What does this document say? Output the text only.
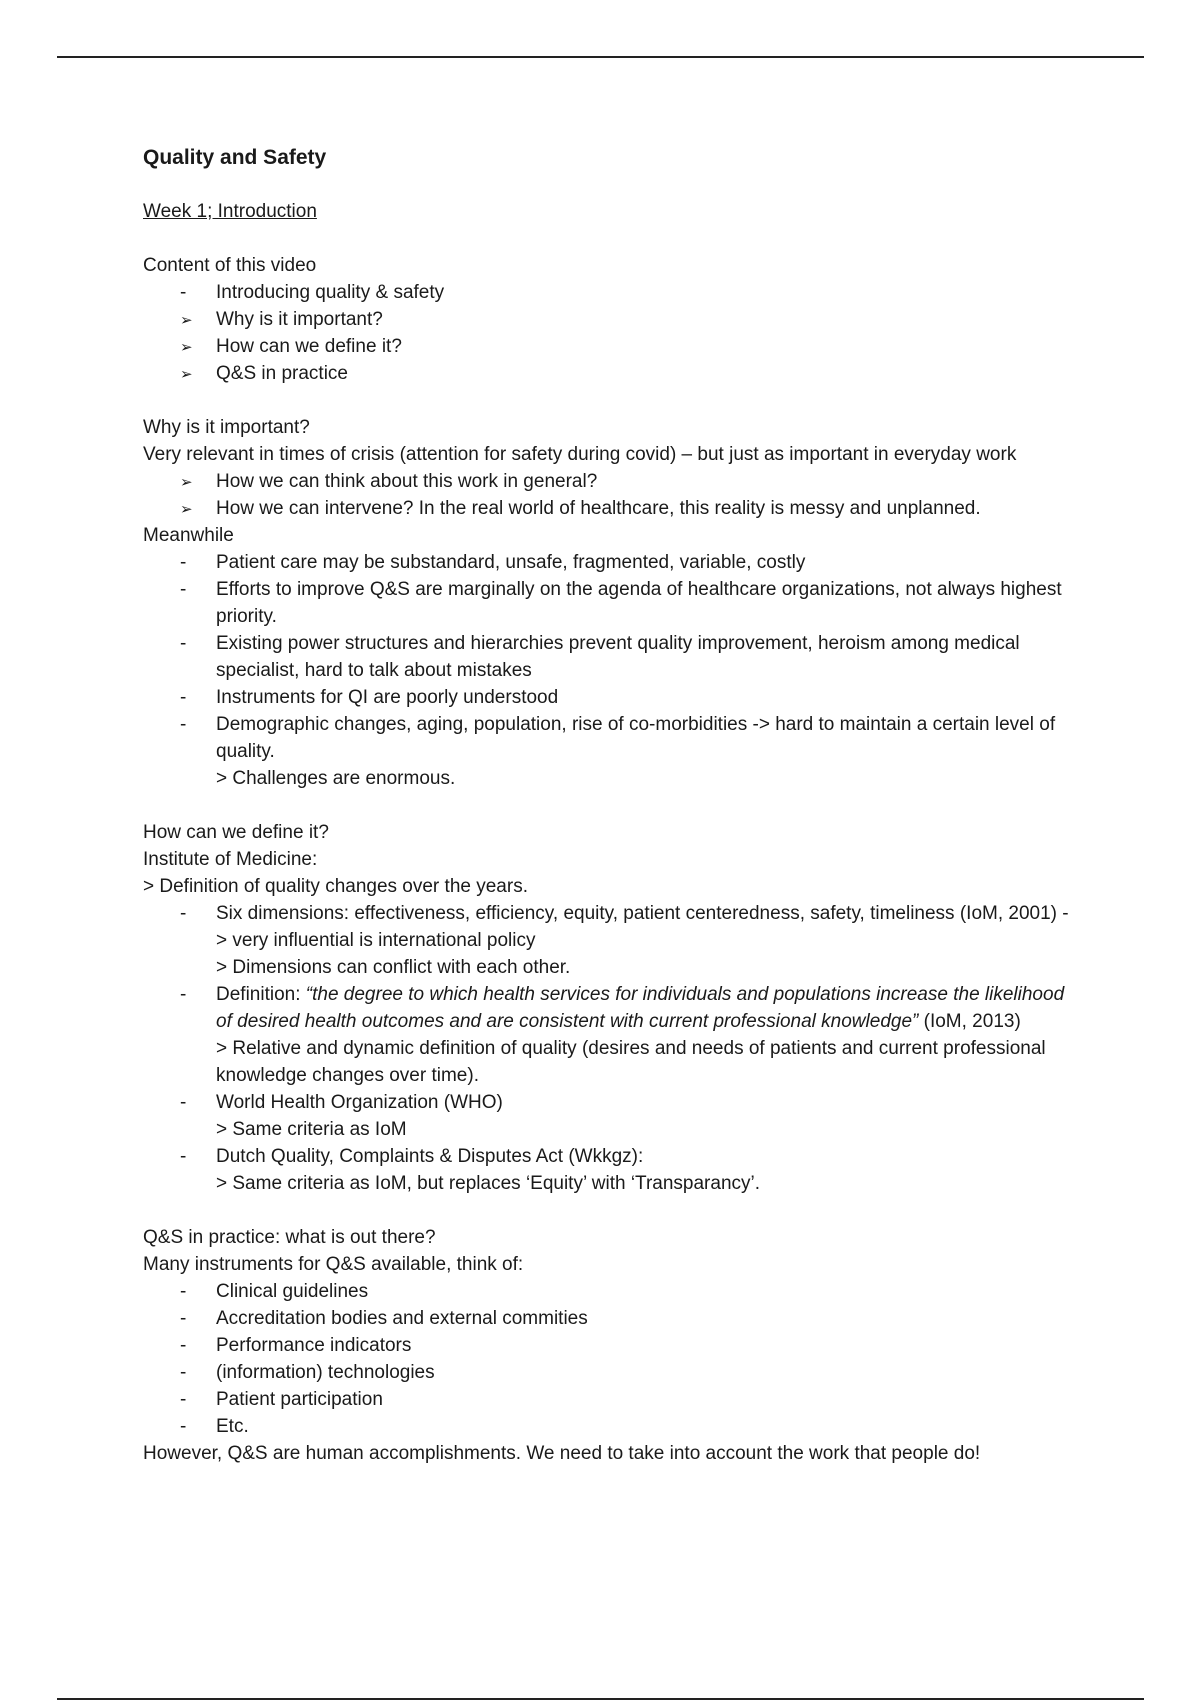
Quality and Safety
Week 1; Introduction

Content of this video

-
Introducing quality & safety
➢
Why is it important?
➢
How can we define it?
➢
Q&S in practice

Why is it important?

Very relevant in times of crisis (attention for safety during covid) – but just as important in everyday work

➢
How we can think about this work in general?
➢
How we can intervene? In the real world of healthcare, this reality is messy and unplanned.

Meanwhile

-
Patient care may be substandard, unsafe, fragmented, variable, costly
-
Efforts to improve Q&S are marginally on the agenda of healthcare organizations, not always highest priority.
-
Existing power structures and hierarchies prevent quality improvement, heroism among medical specialist, hard to talk about mistakes
-
Instruments for QI are poorly understood
-
Demographic changes, aging, population, rise of co-morbidities -> hard to maintain a certain level of quality.
> Challenges are enormous.

How can we define it?

Institute of Medicine:

> Definition of quality changes over the years.

-
Six dimensions: effectiveness, efficiency, equity, patient centeredness, safety, timeliness (IoM, 2001) -> very influential is international policy
> Dimensions can conflict with each other.
-
Definition: “the degree to which health services for individuals and populations increase the likelihood of desired health outcomes and are consistent with current professional knowledge” (IoM, 2013)
> Relative and dynamic definition of quality (desires and needs of patients and current professional knowledge changes over time).
-
World Health Organization (WHO)
> Same criteria as IoM
-
Dutch Quality, Complaints & Disputes Act (Wkkgz):
> Same criteria as IoM, but replaces ‘Equity’ with ‘Transparancy’.

Q&S in practice: what is out there?

Many instruments for Q&S available, think of:

-
Clinical guidelines
-
Accreditation bodies and external commities
-
Performance indicators
-
(information) technologies
-
Patient participation
-
Etc.

However, Q&S are human accomplishments. We need to take into account the work that people do!
